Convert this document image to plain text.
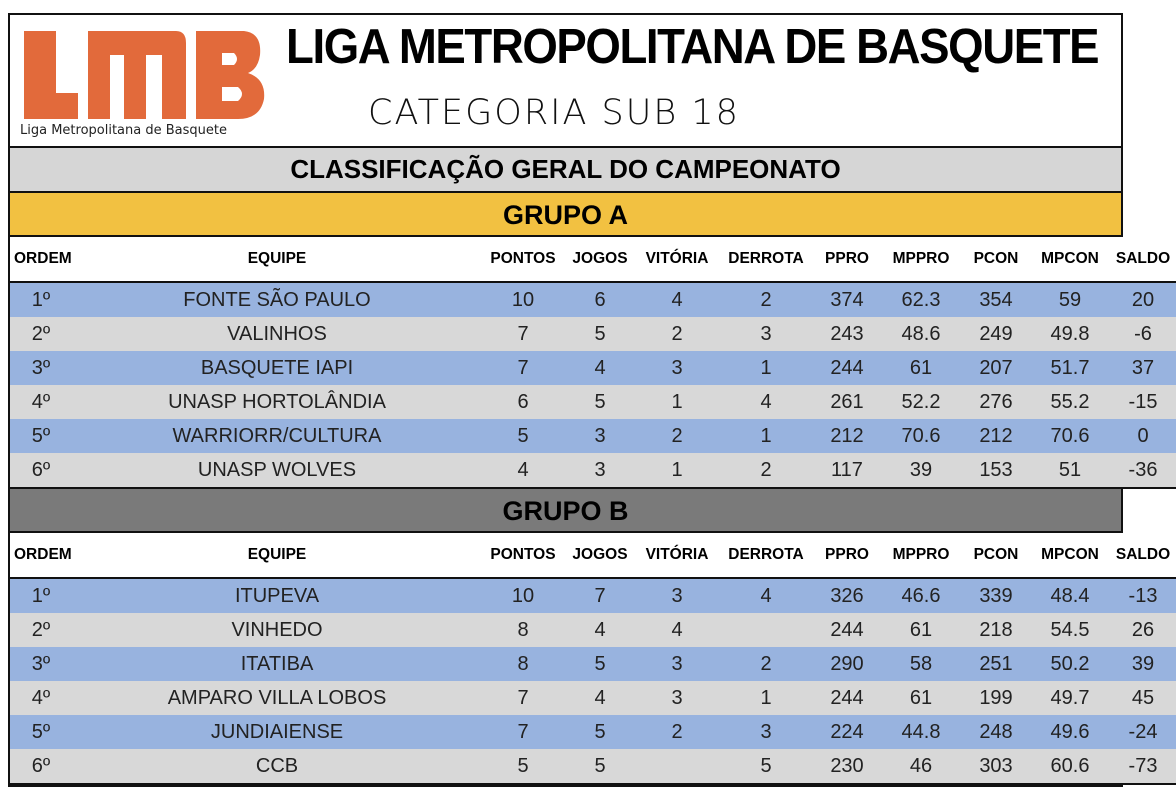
Liga Metropolitana de Basquete
LIGA METROPOLITANA DE BASQUETE
CATEGORIA SUB 18
CLASSIFICAÇÃO GERAL DO CAMPEONATO
GRUPO A
ORDEM	EQUIPE	PONTOS	JOGOS	VITÓRIA	DERROTA	PPRO	MPPRO	PCON	MPCON	SALDO
1º	FONTE SÃO PAULO	10	6	4	2	374	62.3	354	59	20
2º	VALINHOS	7	5	2	3	243	48.6	249	49.8	-6
3º	BASQUETE IAPI	7	4	3	1	244	61	207	51.7	37
4º	UNASP HORTOLÂNDIA	6	5	1	4	261	52.2	276	55.2	-15
5º	WARRIORR/CULTURA	5	3	2	1	212	70.6	212	70.6	0
6º	UNASP WOLVES	4	3	1	2	117	39	153	51	-36
GRUPO B
ORDEM	EQUIPE	PONTOS	JOGOS	VITÓRIA	DERROTA	PPRO	MPPRO	PCON	MPCON	SALDO
1º	ITUPEVA	10	7	3	4	326	46.6	339	48.4	-13
2º	VINHEDO	8	4	4		244	61	218	54.5	26
3º	ITATIBA	8	5	3	2	290	58	251	50.2	39
4º	AMPARO VILLA LOBOS	7	4	3	1	244	61	199	49.7	45
5º	JUNDIAIENSE	7	5	2	3	224	44.8	248	49.6	-24
6º	CCB	5	5		5	230	46	303	60.6	-73
